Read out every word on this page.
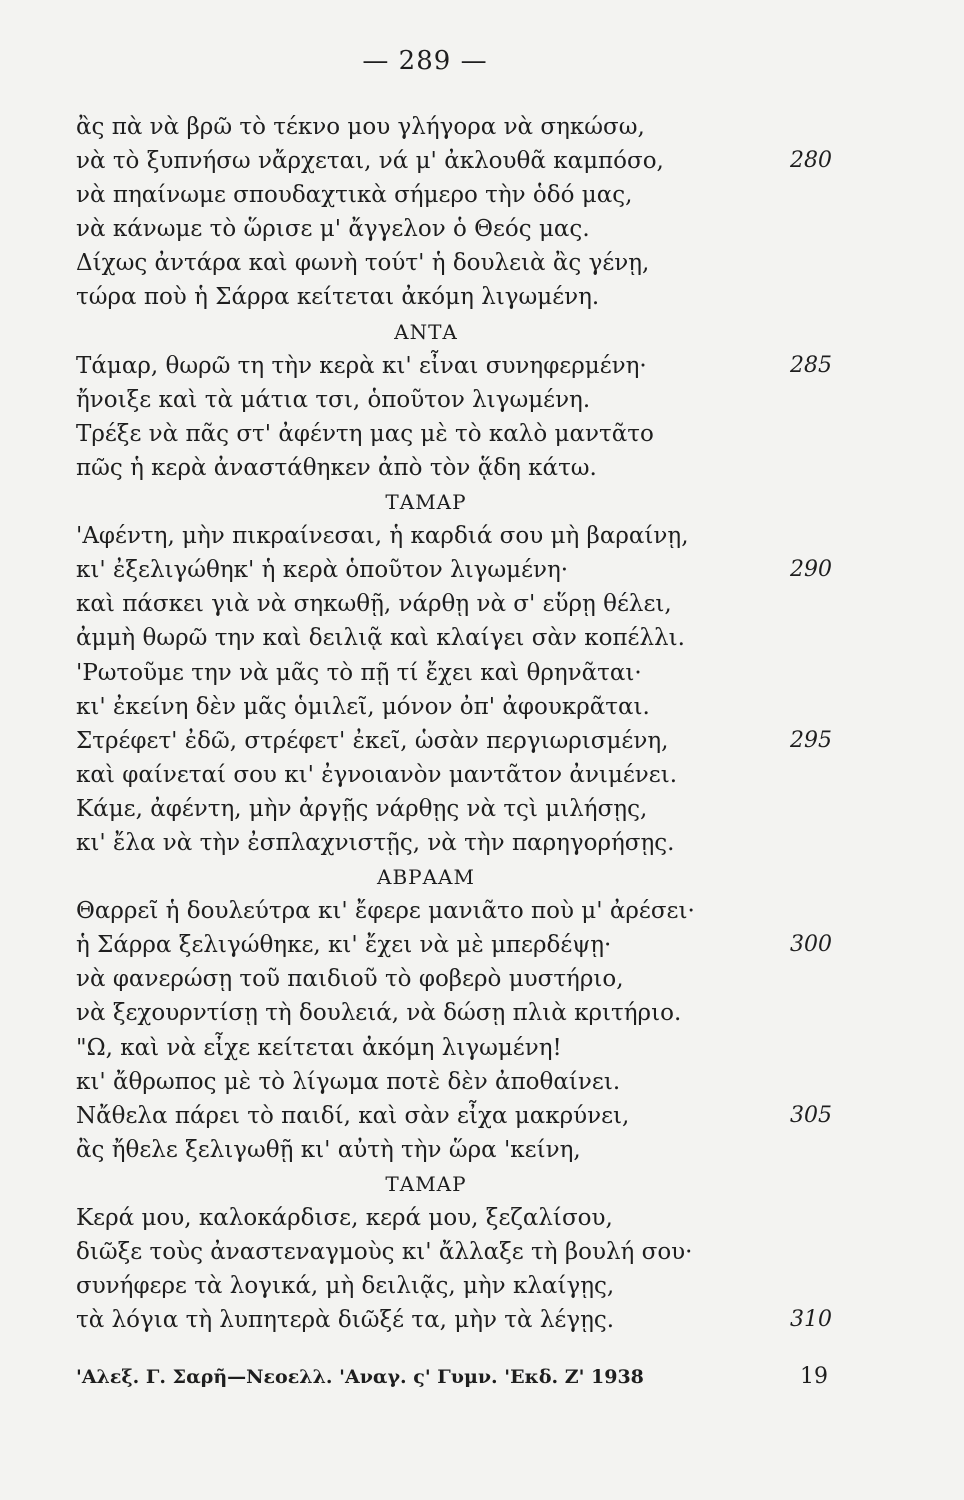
— 289 —
ἂς πὰ νὰ βρῶ τὸ τέκνο μου γλήγορα νὰ σηκώσω,
νὰ τὸ ξυπνήσω νἄρχεται, νά μ' ἀκλουθᾶ καμπόσο,	280
νὰ πηαίνωμε σπουδαχτικὰ σήμερο τὴν ὁδό μας,
νὰ κάνωμε τὸ ὥρισε μ' ἄγγελον ὁ Θεός μας.
Δίχως ἀντάρα καὶ φωνὴ τούτ' ἡ δουλειὰ ἂς γένῃ,
τώρα ποὺ ἡ Σάρρα κείτεται ἀκόμη λιγωμένη.
ΑΝΤΑ
Τάμαρ, θωρῶ τη τὴν κερὰ κι' εἶναι συνηφερμένη·	285
ἤνοιξε καὶ τὰ μάτια τσι, ὁποῦτον λιγωμένη.
Τρέξε νὰ πᾶς στ' ἀφέντη μας μὲ τὸ καλὸ μαντᾶτο
πῶς ἡ κερὰ ἀναστάθηκεν ἀπὸ τὸν ᾅδη κάτω.
ΤΑΜΑΡ
'Αφέντη, μὴν πικραίνεσαι, ἡ καρδιά σου μὴ βαραίνῃ,
κι' ἐξελιγώθηκ' ἡ κερὰ ὁποῦτον λιγωμένη·	290
καὶ πάσκει γιὰ νὰ σηκωθῇ, νάρθῃ νὰ σ' εὕρῃ θέλει,
ἀμμὴ θωρῶ την καὶ δειλιᾷ καὶ κλαίγει σὰν κοπέλλι.
'Ρωτοῦμε την νὰ μᾶς τὸ πῇ τί ἔχει καὶ θρηνᾶται·
κι' ἐκείνη δὲν μᾶς ὁμιλεῖ, μόνον ὀπ' ἀφουκρᾶται.
Στρέφετ' ἐδῶ, στρέφετ' ἐκεῖ, ὡσὰν περγιωρισμένη,	295
καὶ φαίνεταί σου κι' ἐγνοιανὸν μαντᾶτον ἀνιμένει.
Κάμε, ἀφέντη, μὴν ἀργῇς νάρθῃς νὰ τςὶ μιλήσῃς,
κι' ἔλα νὰ τὴν ἐσπλαχνιστῇς, νὰ τὴν παρηγορήσῃς.
ΑΒΡΑΑΜ
Θαρρεῖ ἡ δουλεύτρα κι' ἔφερε μανιᾶτο ποὺ μ' ἀρέσει·
ἡ Σάρρα ξελιγώθηκε, κι' ἔχει νὰ μὲ μπερδέψῃ·	300
νὰ φανερώσῃ τοῦ παιδιοῦ τὸ φοβερὸ μυστήριο,
νὰ ξεχουρντίσῃ τὴ δουλειά, νὰ δώσῃ πλιὰ κριτήριο.
"Ω, καὶ νὰ εἶχε κείτεται ἀκόμη λιγωμένη!
κι' ἄθρωπος μὲ τὸ λίγωμα ποτὲ δὲν ἀποθαίνει.
Νἄθελα πάρει τὸ παιδί, καὶ σὰν εἶχα μακρύνει,	305
ἂς ἤθελε ξελιγωθῇ κι' αὐτὴ τὴν ὥρα 'κείνη,
ΤΑΜΑΡ
Κερά μου, καλοκάρδισε, κερά μου, ξεζαλίσου,
διῶξε τοὺς ἀναστεναγμοὺς κι' ἄλλαξε τὴ βουλή σου·
συνήφερε τὰ λογικά, μὴ δειλιᾷς, μὴν κλαίγῃς,
τὰ λόγια τὴ λυπητερὰ διῶξέ τα, μὴν τὰ λέγῃς.	310
'Αλεξ. Γ. Σαρῆ—Νεοελλ. 'Αναγ. ς' Γυμν. 'Εκδ. Ζ' 1938	19
